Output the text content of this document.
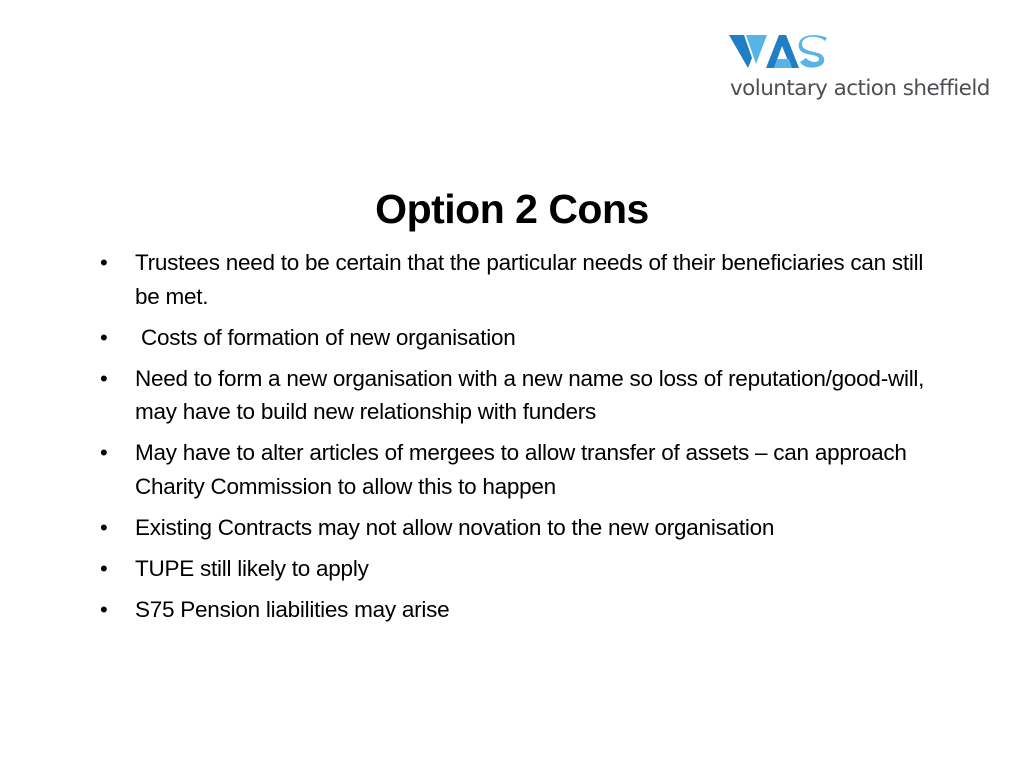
voluntary action sheffield
Option 2 Cons
•	Trustees need to be certain that the particular needs of their beneficiaries can still be met.
•	Costs of formation of new organisation
•	Need to form a new organisation with a new name so loss of reputation/good-will, may have to build new relationship with funders
•	May have to alter articles of mergees to allow transfer of assets – can approach Charity Commission to allow this to happen
•	Existing Contracts may not allow novation to the new organisation
•	TUPE still likely to apply
•	S75 Pension liabilities may arise
